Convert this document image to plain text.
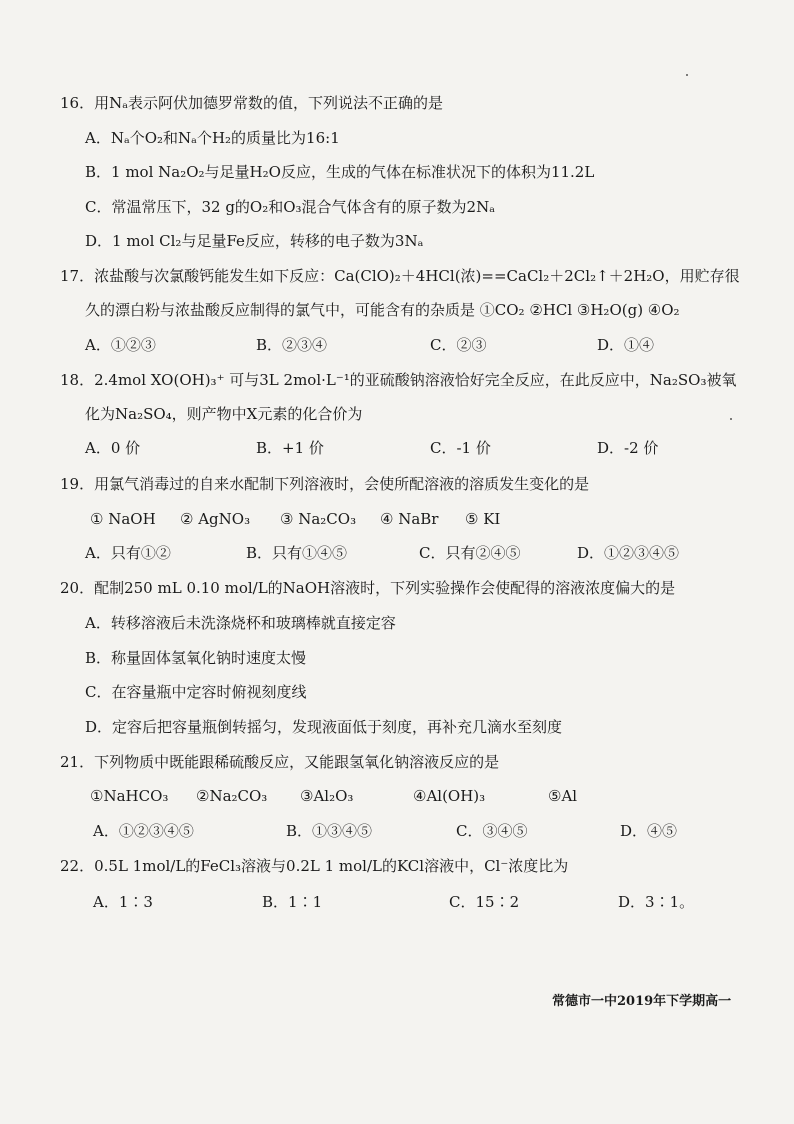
16．用Nₐ表示阿伏加德罗常数的值，下列说法不正确的是
A．Nₐ个O₂和Nₐ个H₂的质量比为16:1
B．1 mol Na₂O₂与足量H₂O反应，生成的气体在标准状况下的体积为11.2L
C．常温常压下，32 g的O₂和O₃混合气体含有的原子数为2Nₐ
D．1 mol Cl₂与足量Fe反应，转移的电子数为3Nₐ
17．浓盐酸与次氯酸钙能发生如下反应：Ca(ClO)₂＋4HCl(浓)==CaCl₂＋2Cl₂↑＋2H₂O，用贮存很
久的漂白粉与浓盐酸反应制得的氯气中，可能含有的杂质是 ①CO₂ ②HCl ③H₂O(g) ④O₂
A．①②③	B．②③④	C．②③	D．①④
18．2.4mol XO(OH)₃⁺ 可与3L 2mol·L⁻¹的亚硫酸钠溶液恰好完全反应，在此反应中，Na₂SO₃被氧
化为Na₂SO₄，则产物中X元素的化合价为
A．0 价	B．+1 价	C．-1 价	D．-2 价
19．用氯气消毒过的自来水配制下列溶液时，会使所配溶液的溶质发生变化的是
① NaOH ② AgNO₃ ③ Na₂CO₃ ④ NaBr ⑤ KI
A．只有①②	B．只有①④⑤	C．只有②④⑤	D．①②③④⑤
20．配制250 mL 0.10 mol/L的NaOH溶液时，下列实验操作会使配得的溶液浓度偏大的是
A．转移溶液后未洗涤烧杯和玻璃棒就直接定容
B．称量固体氢氧化钠时速度太慢
C．在容量瓶中定容时俯视刻度线
D．定容后把容量瓶倒转摇匀，发现液面低于刻度，再补充几滴水至刻度
21．下列物质中既能跟稀硫酸反应，又能跟氢氧化钠溶液反应的是
①NaHCO₃ ②Na₂CO₃ ③Al₂O₃	④Al(OH)₃	⑤Al
A．①②③④⑤	B．①③④⑤	C．③④⑤	D．④⑤
22．0.5L 1mol/L的FeCl₃溶液与0.2L 1 mol/L的KCl溶液中，Cl⁻浓度比为
A．1∶3	B．1∶1	C．15∶2	D．3∶1。
常德市一中2019年下学期高一
